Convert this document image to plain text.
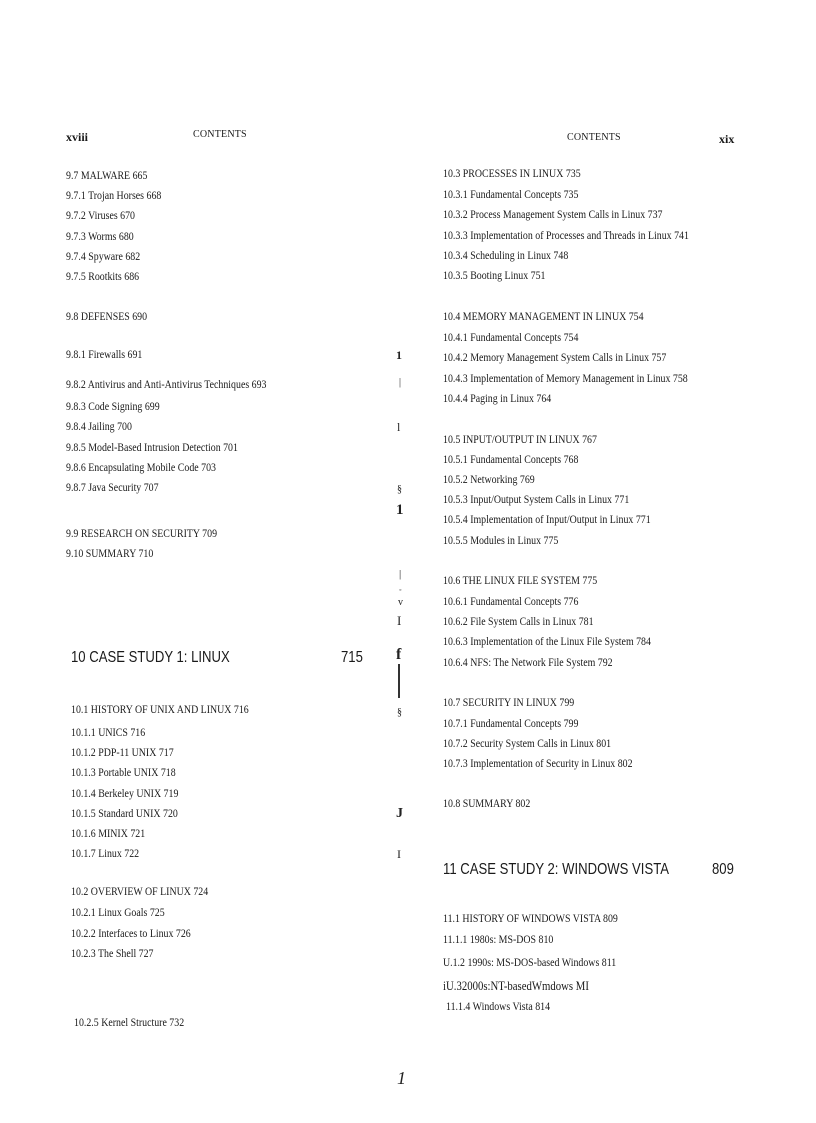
xviii	CONTENTS
9.7 MALWARE 665
9.7.1 Trojan Horses 668
9.7.2 Viruses 670
9.7.3 Worms 680
9.7.4 Spyware 682
9.7.5 Rootkits 686
9.8 DEFENSES 690
9.8.1 Firewalls 691
9.8.2 Antivirus and Anti-Antivirus Techniques 693
9.8.3 Code Signing 699
9.8.4 Jailing 700
9.8.5 Model-Based Intrusion Detection 701
9.8.6 Encapsulating Mobile Code 703
9.8.7 Java Security 707
9.9 RESEARCH ON SECURITY 709
9.10 SUMMARY 710
10 CASE STUDY 1: LINUX	715
10.1 HISTORY OF UNIX AND LINUX 716
10.1.1 UNICS 716
10.1.2 PDP-11 UNIX 717
10.1.3 Portable UNIX 718
10.1.4 Berkeley UNIX 719
10.1.5 Standard UNIX 720
10.1.6 MINIX 721
10.1.7 Linux 722
10.2 OVERVIEW OF LINUX 724
10.2.1 Linux Goals 725
10.2.2 Interfaces to Linux 726
10.2.3 The Shell 727
10.2.5 Kernel Structure 732
1
|
l
§
1
|
◦
v
I
f
§
J
I
1
CONTENTS	xix
10.3 PROCESSES IN LINUX 735
10.3.1 Fundamental Concepts 735
10.3.2 Process Management System Calls in Linux 737
10.3.3 Implementation of Processes and Threads in Linux 741
10.3.4 Scheduling in Linux 748
10.3.5 Booting Linux 751
10.4 MEMORY MANAGEMENT IN LINUX 754
10.4.1 Fundamental Concepts 754
10.4.2 Memory Management System Calls in Linux 757
10.4.3 Implementation of Memory Management in Linux 758
10.4.4 Paging in Linux 764
10.5 INPUT/OUTPUT IN LINUX 767
10.5.1 Fundamental Concepts 768
10.5.2 Networking 769
10.5.3 Input/Output System Calls in Linux 771
10.5.4 Implementation of Input/Output in Linux 771
10.5.5 Modules in Linux 775
10.6 THE LINUX FILE SYSTEM 775
10.6.1 Fundamental Concepts 776
10.6.2 File System Calls in Linux 781
10.6.3 Implementation of the Linux File System 784
10.6.4 NFS: The Network File System 792
10.7 SECURITY IN LINUX 799
10.7.1 Fundamental Concepts 799
10.7.2 Security System Calls in Linux 801
10.7.3 Implementation of Security in Linux 802
10.8 SUMMARY 802
11 CASE STUDY 2: WINDOWS VISTA	809
11.1 HISTORY OF WINDOWS VISTA 809
11.1.1 1980s: MS-DOS 810
U.1.2 1990s: MS-DOS-based Windows 811
iU.32000s:NT-basedWmdows MI
11.1.4 Windows Vista 814
